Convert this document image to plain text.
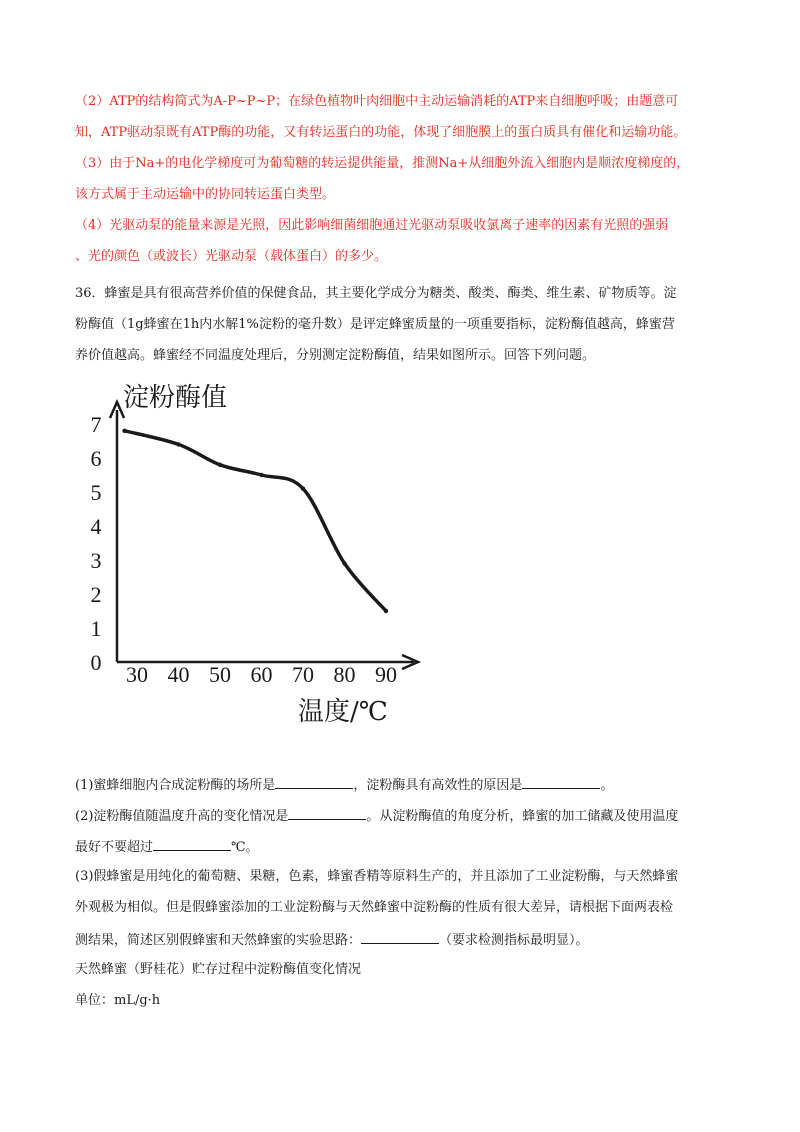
（2）ATP的结构简式为A-P~P~P；在绿色植物叶肉细胞中主动运输消耗的ATP来自细胞呼吸；由题意可
知，ATP驱动泵既有ATP酶的功能，又有转运蛋白的功能，体现了细胞膜上的蛋白质具有催化和运输功能。
（3）由于Na+的电化学梯度可为葡萄糖的转运提供能量，推测Na+从细胞外流入细胞内是顺浓度梯度的，
该方式属于主动运输中的协同转运蛋白类型。
（4）光驱动泵的能量来源是光照，因此影响细菌细胞通过光驱动泵吸收氯离子速率的因素有光照的强弱
、光的颜色（或波长）光驱动泵（载体蛋白）的多少。
36．蜂蜜是具有很高营养价值的保健食品，其主要化学成分为糖类、酸类、酶类、维生素、矿物质等。淀
粉酶值（1g蜂蜜在1h内水解1%淀粉的毫升数）是评定蜂蜜质量的一项重要指标，淀粉酶值越高，蜂蜜营
养价值越高。蜂蜜经不同温度处理后，分别测定淀粉酶值，结果如图所示。回答下列问题。
淀粉酶值
温度/℃
0
1
2
3
4
5
6
7
30 40 50 60 70 80 90
(1)蜜蜂细胞内合成淀粉酶的场所是	，淀粉酶具有高效性的原因是	。
(2)淀粉酶值随温度升高的变化情况是	。从淀粉酶值的角度分析，蜂蜜的加工储藏及使用温度
最好不要超过	℃。
(3)假蜂蜜是用纯化的葡萄糖、果糖，色素，蜂蜜香精等原料生产的，并且添加了工业淀粉酶，与天然蜂蜜
外观极为相似。但是假蜂蜜添加的工业淀粉酶与天然蜂蜜中淀粉酶的性质有很大差异，请根据下面两表检
测结果，简述区别假蜂蜜和天然蜂蜜的实验思路：	（要求检测指标最明显）。
天然蜂蜜（野桂花）贮存过程中淀粉酶值变化情况
单位：mL/g·h
